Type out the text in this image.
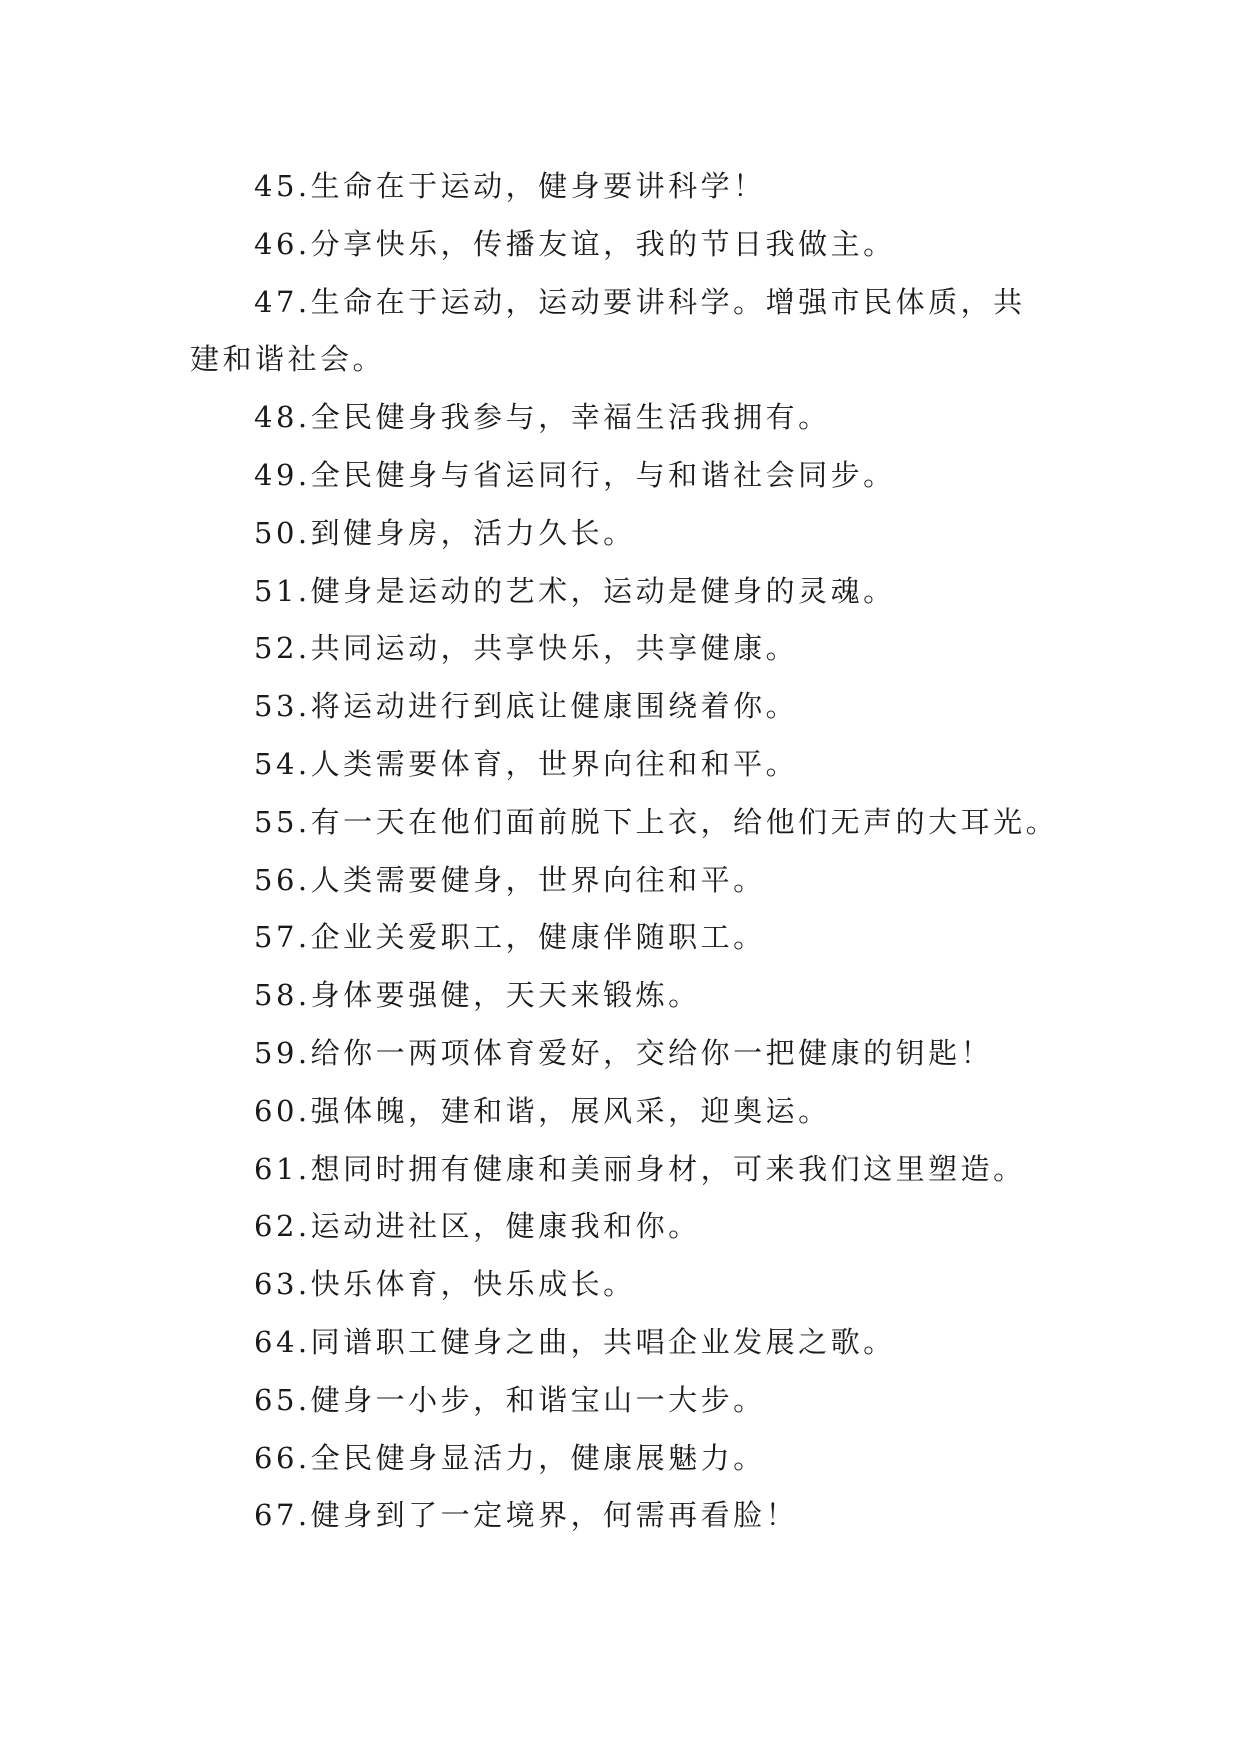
45.生命在于运动，健身要讲科学！
46.分享快乐，传播友谊，我的节日我做主。
47.生命在于运动，运动要讲科学。增强市民体质，共
建和谐社会。
48.全民健身我参与，幸福生活我拥有。
49.全民健身与省运同行，与和谐社会同步。
50.到健身房，活力久长。
51.健身是运动的艺术，运动是健身的灵魂。
52.共同运动，共享快乐，共享健康。
53.将运动进行到底让健康围绕着你。
54.人类需要体育，世界向往和和平。
55.有一天在他们面前脱下上衣，给他们无声的大耳光。
56.人类需要健身，世界向往和平。
57.企业关爱职工，健康伴随职工。
58.身体要强健，天天来锻炼。
59.给你一两项体育爱好，交给你一把健康的钥匙！
60.强体魄，建和谐，展风采，迎奥运。
61.想同时拥有健康和美丽身材，可来我们这里塑造。
62.运动进社区，健康我和你。
63.快乐体育，快乐成长。
64.同谱职工健身之曲，共唱企业发展之歌。
65.健身一小步，和谐宝山一大步。
66.全民健身显活力，健康展魅力。
67.健身到了一定境界，何需再看脸！
